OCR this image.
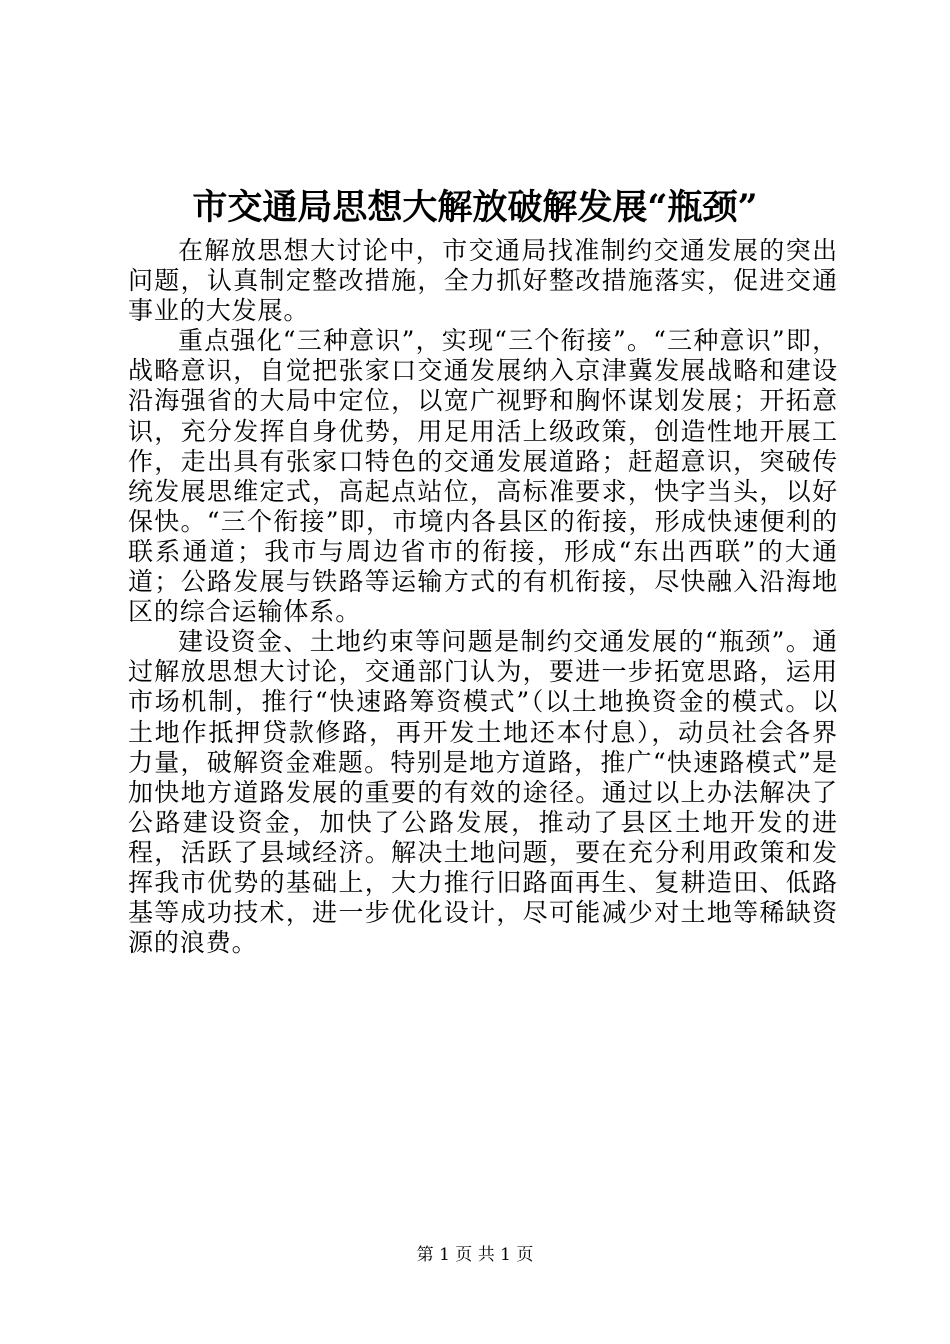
市交通局思想大解放破解发展“瓶颈”

在解放思想大讨论中，市交通局找准制约交通发展的突出问题，认真制定整改措施，全力抓好整改措施落实，促进交通事业的大发展。

重点强化“三种意识”，实现“三个衔接”。“三种意识”即，战略意识，自觉把张家口交通发展纳入京津冀发展战略和建设沿海强省的大局中定位，以宽广视野和胸怀谋划发展；开拓意识，充分发挥自身优势，用足用活上级政策，创造性地开展工作，走出具有张家口特色的交通发展道路；赶超意识，突破传统发展思维定式，高起点站位，高标准要求，快字当头，以好保快。“三个衔接”即，市境内各县区的衔接，形成快速便利的联系通道；我市与周边省市的衔接，形成“东出西联”的大通道；公路发展与铁路等运输方式的有机衔接，尽快融入沿海地区的综合运输体系。

建设资金、土地约束等问题是制约交通发展的“瓶颈”。通过解放思想大讨论，交通部门认为，要进一步拓宽思路，运用市场机制，推行“快速路筹资模式”（以土地换资金的模式。以土地作抵押贷款修路，再开发土地还本付息），动员社会各界力量，破解资金难题。特别是地方道路，推广“快速路模式”是加快地方道路发展的重要的有效的途径。通过以上办法解决了公路建设资金，加快了公路发展，推动了县区土地开发的进程，活跃了县域经济。解决土地问题，要在充分利用政策和发挥我市优势的基础上，大力推行旧路面再生、复耕造田、低路基等成功技术，进一步优化设计，尽可能减少对土地等稀缺资源的浪费。

第 1 页 共 1 页
